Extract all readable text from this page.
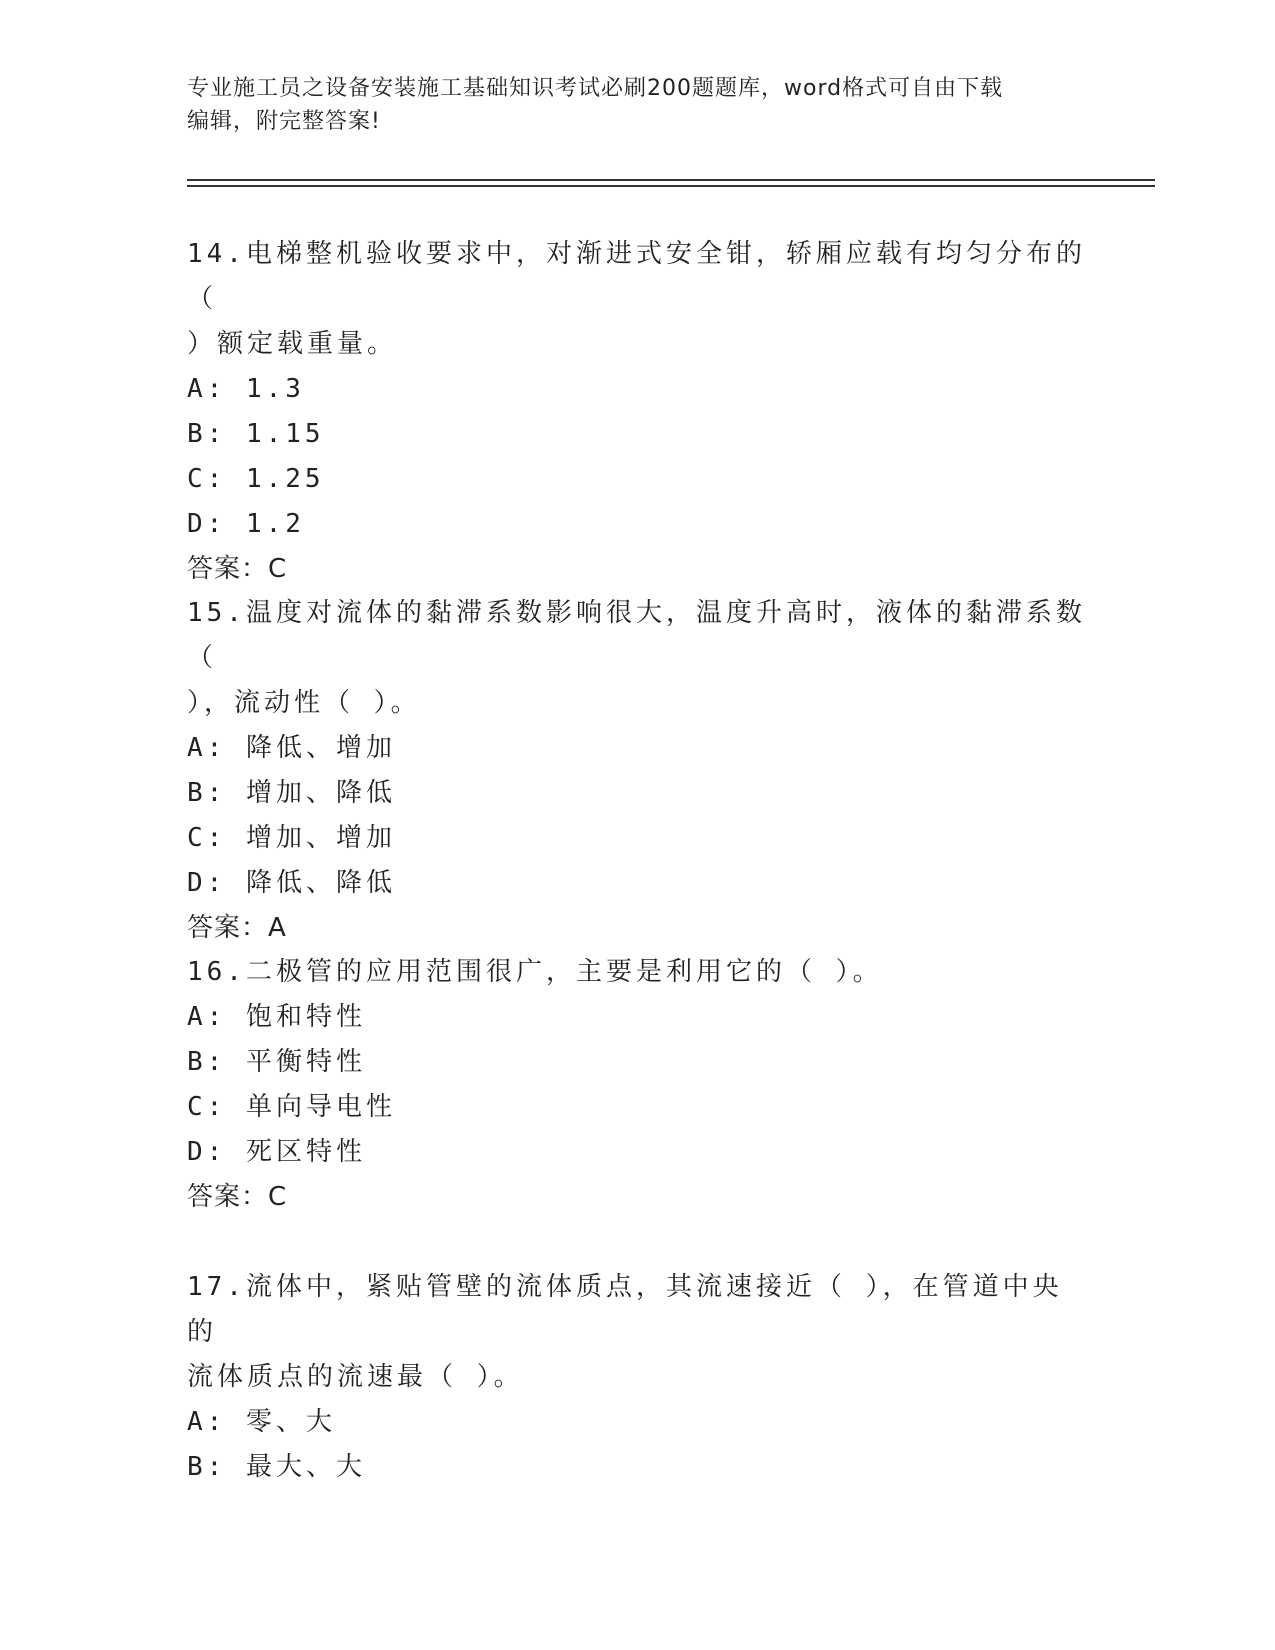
专业施工员之设备安装施工基础知识考试必刷200题题库，word格式可自由下载
编辑，附完整答案!

14.电梯整机验收要求中，对渐进式安全钳，轿厢应载有均匀分布的（

）额定载重量。

A: 1.3

B: 1.15

C: 1.25

D: 1.2

答案：C

15.温度对流体的黏滞系数影响很大，温度升高时，液体的黏滞系数（

），流动性（ ）。

A: 降低、增加

B: 增加、降低

C: 增加、增加

D: 降低、降低

答案：A

16.二极管的应用范围很广，主要是利用它的（ ）。

A: 饱和特性

B: 平衡特性

C: 单向导电性

D: 死区特性

答案：C

17.流体中，紧贴管壁的流体质点，其流速接近（ ），在管道中央的

流体质点的流速最（ ）。

A: 零、大

B: 最大、大
